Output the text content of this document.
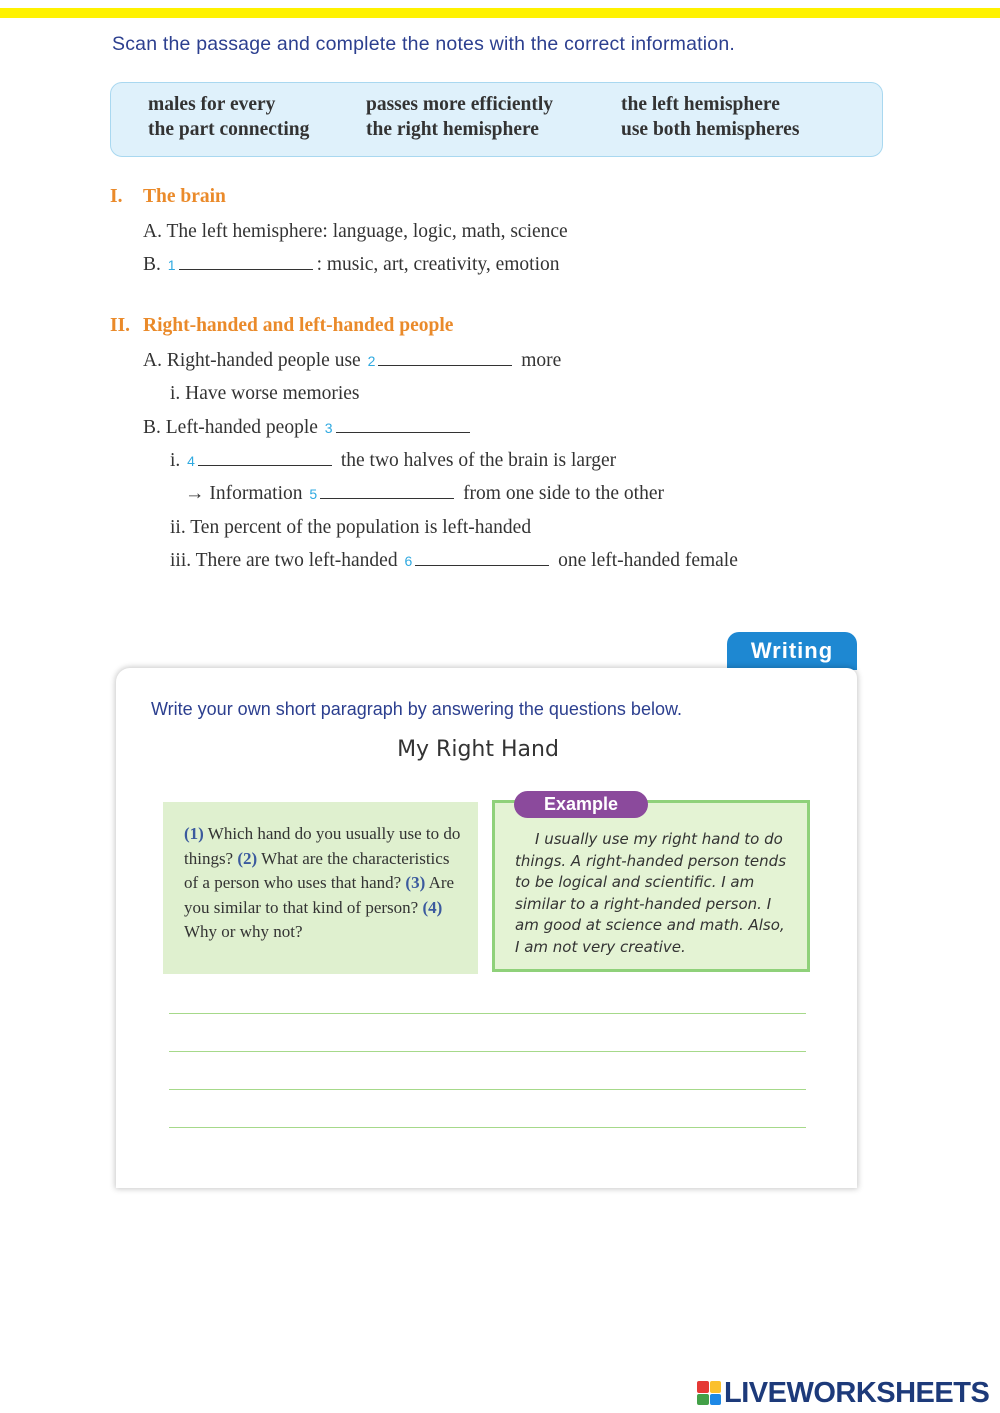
Scan the passage and complete the notes with the correct information.
males for every
the part connecting
passes more efficiently
the right hemisphere
the left hemisphere
use both hemispheres
I. The brain
A. The left hemisphere: language, logic, math, science
B. 1	: music, art, creativity, emotion
II. Right-handed and left-handed people
A. Right-handed people use 2	more
i. Have worse memories
B. Left-handed people 3
i. 4	the two halves of the brain is larger
→ Information 5	from one side to the other
ii. Ten percent of the population is left-handed
iii. There are two left-handed 6	one left-handed female
Writing
Write your own short paragraph by answering the questions below.
My Right Hand
(1) Which hand do you usually use to do things? (2) What are the characteristics of a person who uses that hand? (3) Are you similar to that kind of person? (4) Why or why not?
I usually use my right hand to do things. A right-handed person tends to be logical and scientific. I am similar to a right-handed person. I am good at science and math. Also, I am not very creative.
Example
LIVEWORKSHEETS
